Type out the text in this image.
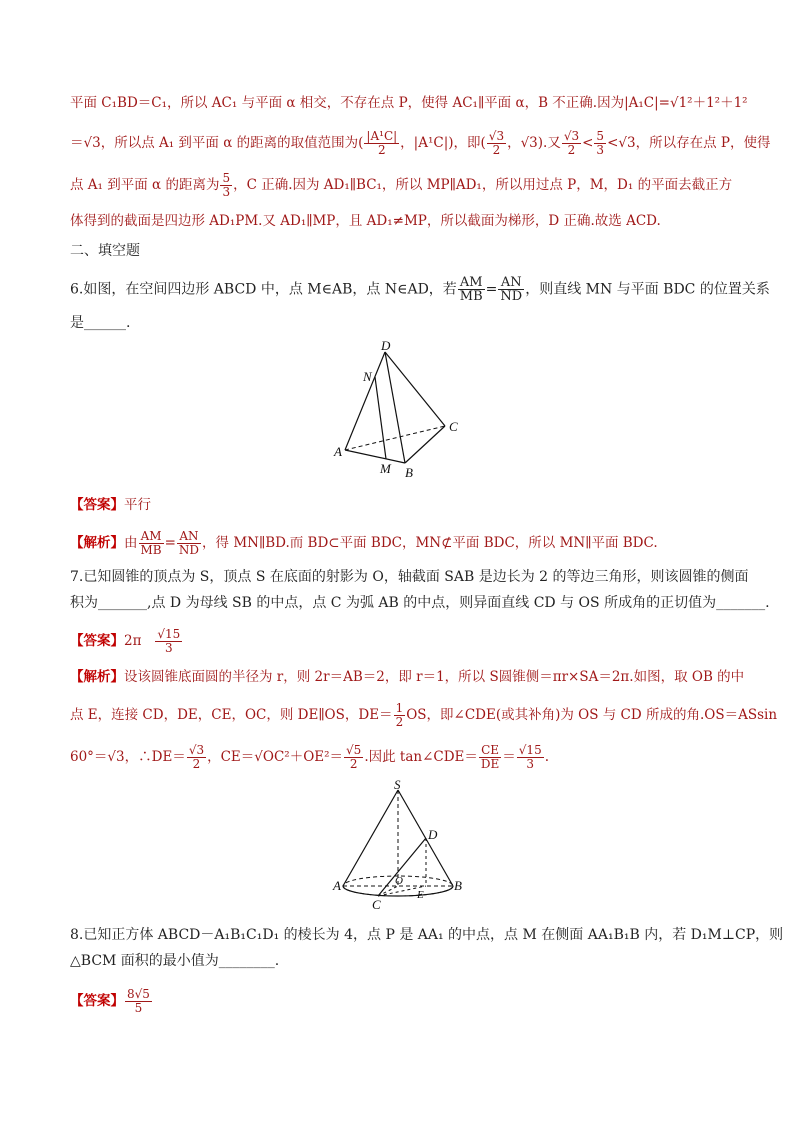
平面 C₁BD＝C₁，所以 AC₁ 与平面 α 相交，不存在点 P，使得 AC₁∥平面 α，B 不正确.因为|A₁C|=√1²＋1²＋1²
＝√3，所以点 A₁ 到平面 α 的距离的取值范围为( $\frac{\text{|A¹C|}}{2}$ ，|A¹C|)，即( $\frac{√3}{2}$ ，√3).又 $\frac{√3}{2} < \frac{5}{3} <√3$，所以存在点 P，使得
点 A₁ 到平面 α 的距离为 $\frac{5}{3}$ ，C 正确.因为 AD₁∥BC₁，所以 MP∥AD₁，所以用过点 P，M，D₁ 的平面去截正方
体得到的截面是四边形 AD₁PM.又 AD₁∥MP，且 AD₁≠MP，所以截面为梯形，D 正确.故选 ACD.
二、填空题
6.如图，在空间四边形 ABCD 中，点 M∈AB，点 N∈AD，若 $\frac{AM}{MB} = \frac{AN}{ND}$ ，则直线 MN 与平面 BDC 的位置关系
是______.
D
N
C
A
M B
【答案】平行
【解析】由 $\frac{AM}{MB} = \frac{AN}{ND}$ ，得 MN∥BD.而 BD⊂平面 BDC，MN⊄平面 BDC，所以 MN∥平面 BDC.
7.已知圆锥的顶点为 S，顶点 S 在底面的射影为 O，轴截面 SAB 是边长为 2 的等边三角形，则该圆锥的侧面
积为_______,点 D 为母线 SB 的中点，点 C 为弧 AB 的中点，则异面直线 CD 与 OS 所成角的正切值为_______.
【答案】$2\pi \frac{√15}{3}$
【解析】设该圆锥底面圆的半径为 r，则 2r＝AB＝2，即 r＝1，所以 S圆锥侧＝πr×SA＝2π.如图，取 OB 的中
点 E，连接 CD，DE，CE，OC，则 DE∥OS，$DE= \frac{1}{2}$ OS，即∠CDE(或其补角)为 OS 与 CD 所成的角.OS＝ASsin
60°＝√3，∴DE＝ $\frac{√3}{2}$ ，$CE=√OC^2+OE^2= \frac{√5}{2}$ .因此 tan∠CDE＝ $\frac{CE}{DE} = \frac{√15}{3}$ .
S
D
A	O
E
B
C
8.已知正方体 ABCD－A₁B₁C₁D₁ 的棱长为 4，点 P 是 AA₁ 的中点，点 M 在侧面 AA₁B₁B 内，若 D₁M⊥CP，则
△BCM 面积的最小值为________.
【答案】 $\frac{8√5}{5}$
